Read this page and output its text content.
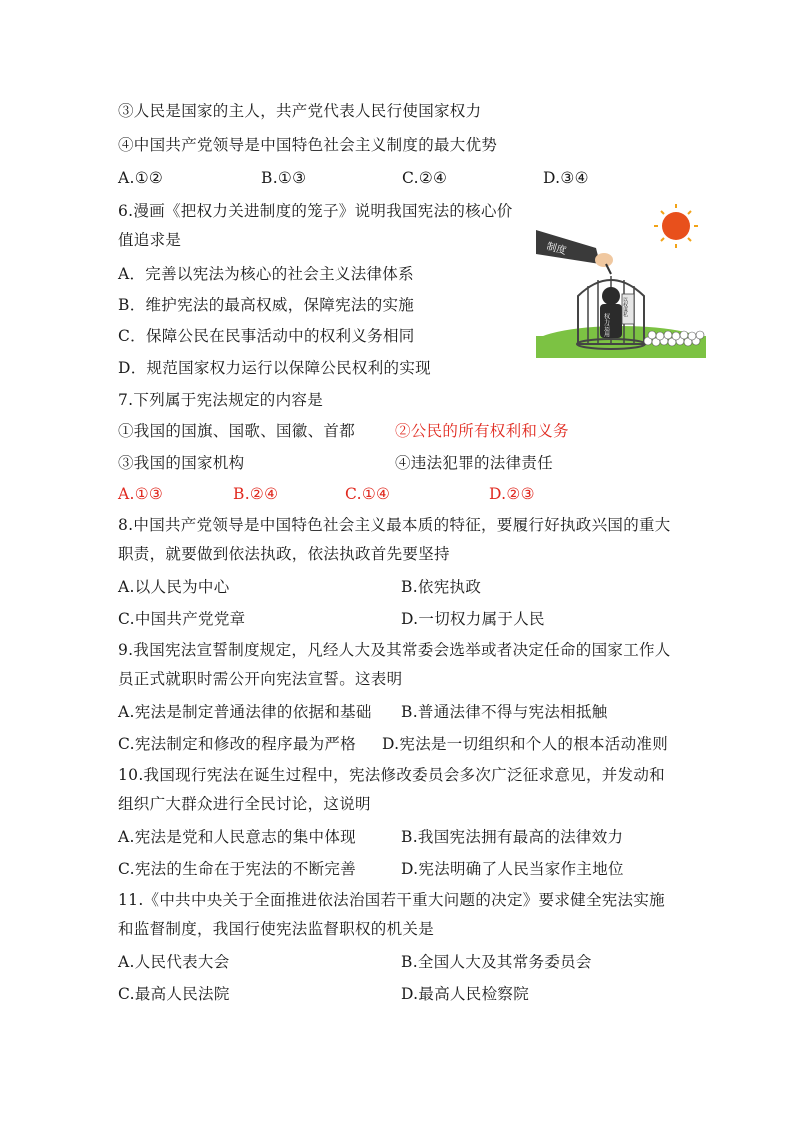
③人民是国家的主人，共产党代表人民行使国家权力
④中国共产党领导是中国特色社会主义制度的最大优势
A.①②	B.①③	C.②④	D.③④
6.漫画《把权力关进制度的笼子》说明我国宪法的核心价
值追求是
A．完善以宪法为核心的社会主义法律体系
B．维护宪法的最高权威，保障宪法的实施
C．保障公民在民事活动中的权利义务相同
D．规范国家权力运行以保障公民权利的实现
制度
权力运用
以权谋私
7.下列属于宪法规定的内容是
①我国的国旗、国歌、国徽、首都	②公民的所有权利和义务
③我国的国家机构	④违法犯罪的法律责任
A.①③	B.②④	C.①④	D.②③
8.中国共产党领导是中国特色社会主义最本质的特征，要履行好执政兴国的重大
职责，就要做到依法执政，依法执政首先要坚持
A.以人民为中心	B.依宪执政
C.中国共产党党章	D.一切权力属于人民
9.我国宪法宣誓制度规定，凡经人大及其常委会选举或者决定任命的国家工作人
员正式就职时需公开向宪法宣誓。这表明
A.宪法是制定普通法律的依据和基础 B.普通法律不得与宪法相抵触
C.宪法制定和修改的程序最为严格 D.宪法是一切组织和个人的根本活动准则
10.我国现行宪法在诞生过程中，宪法修改委员会多次广泛征求意见，并发动和
组织广大群众进行全民讨论，这说明
A.宪法是党和人民意志的集中体现	B.我国宪法拥有最高的法律效力
C.宪法的生命在于宪法的不断完善	D.宪法明确了人民当家作主地位
11.《中共中央关于全面推进依法治国若干重大问题的决定》要求健全宪法实施
和监督制度，我国行使宪法监督职权的机关是
A.人民代表大会	B.全国人大及其常务委员会
C.最高人民法院	D.最高人民检察院
